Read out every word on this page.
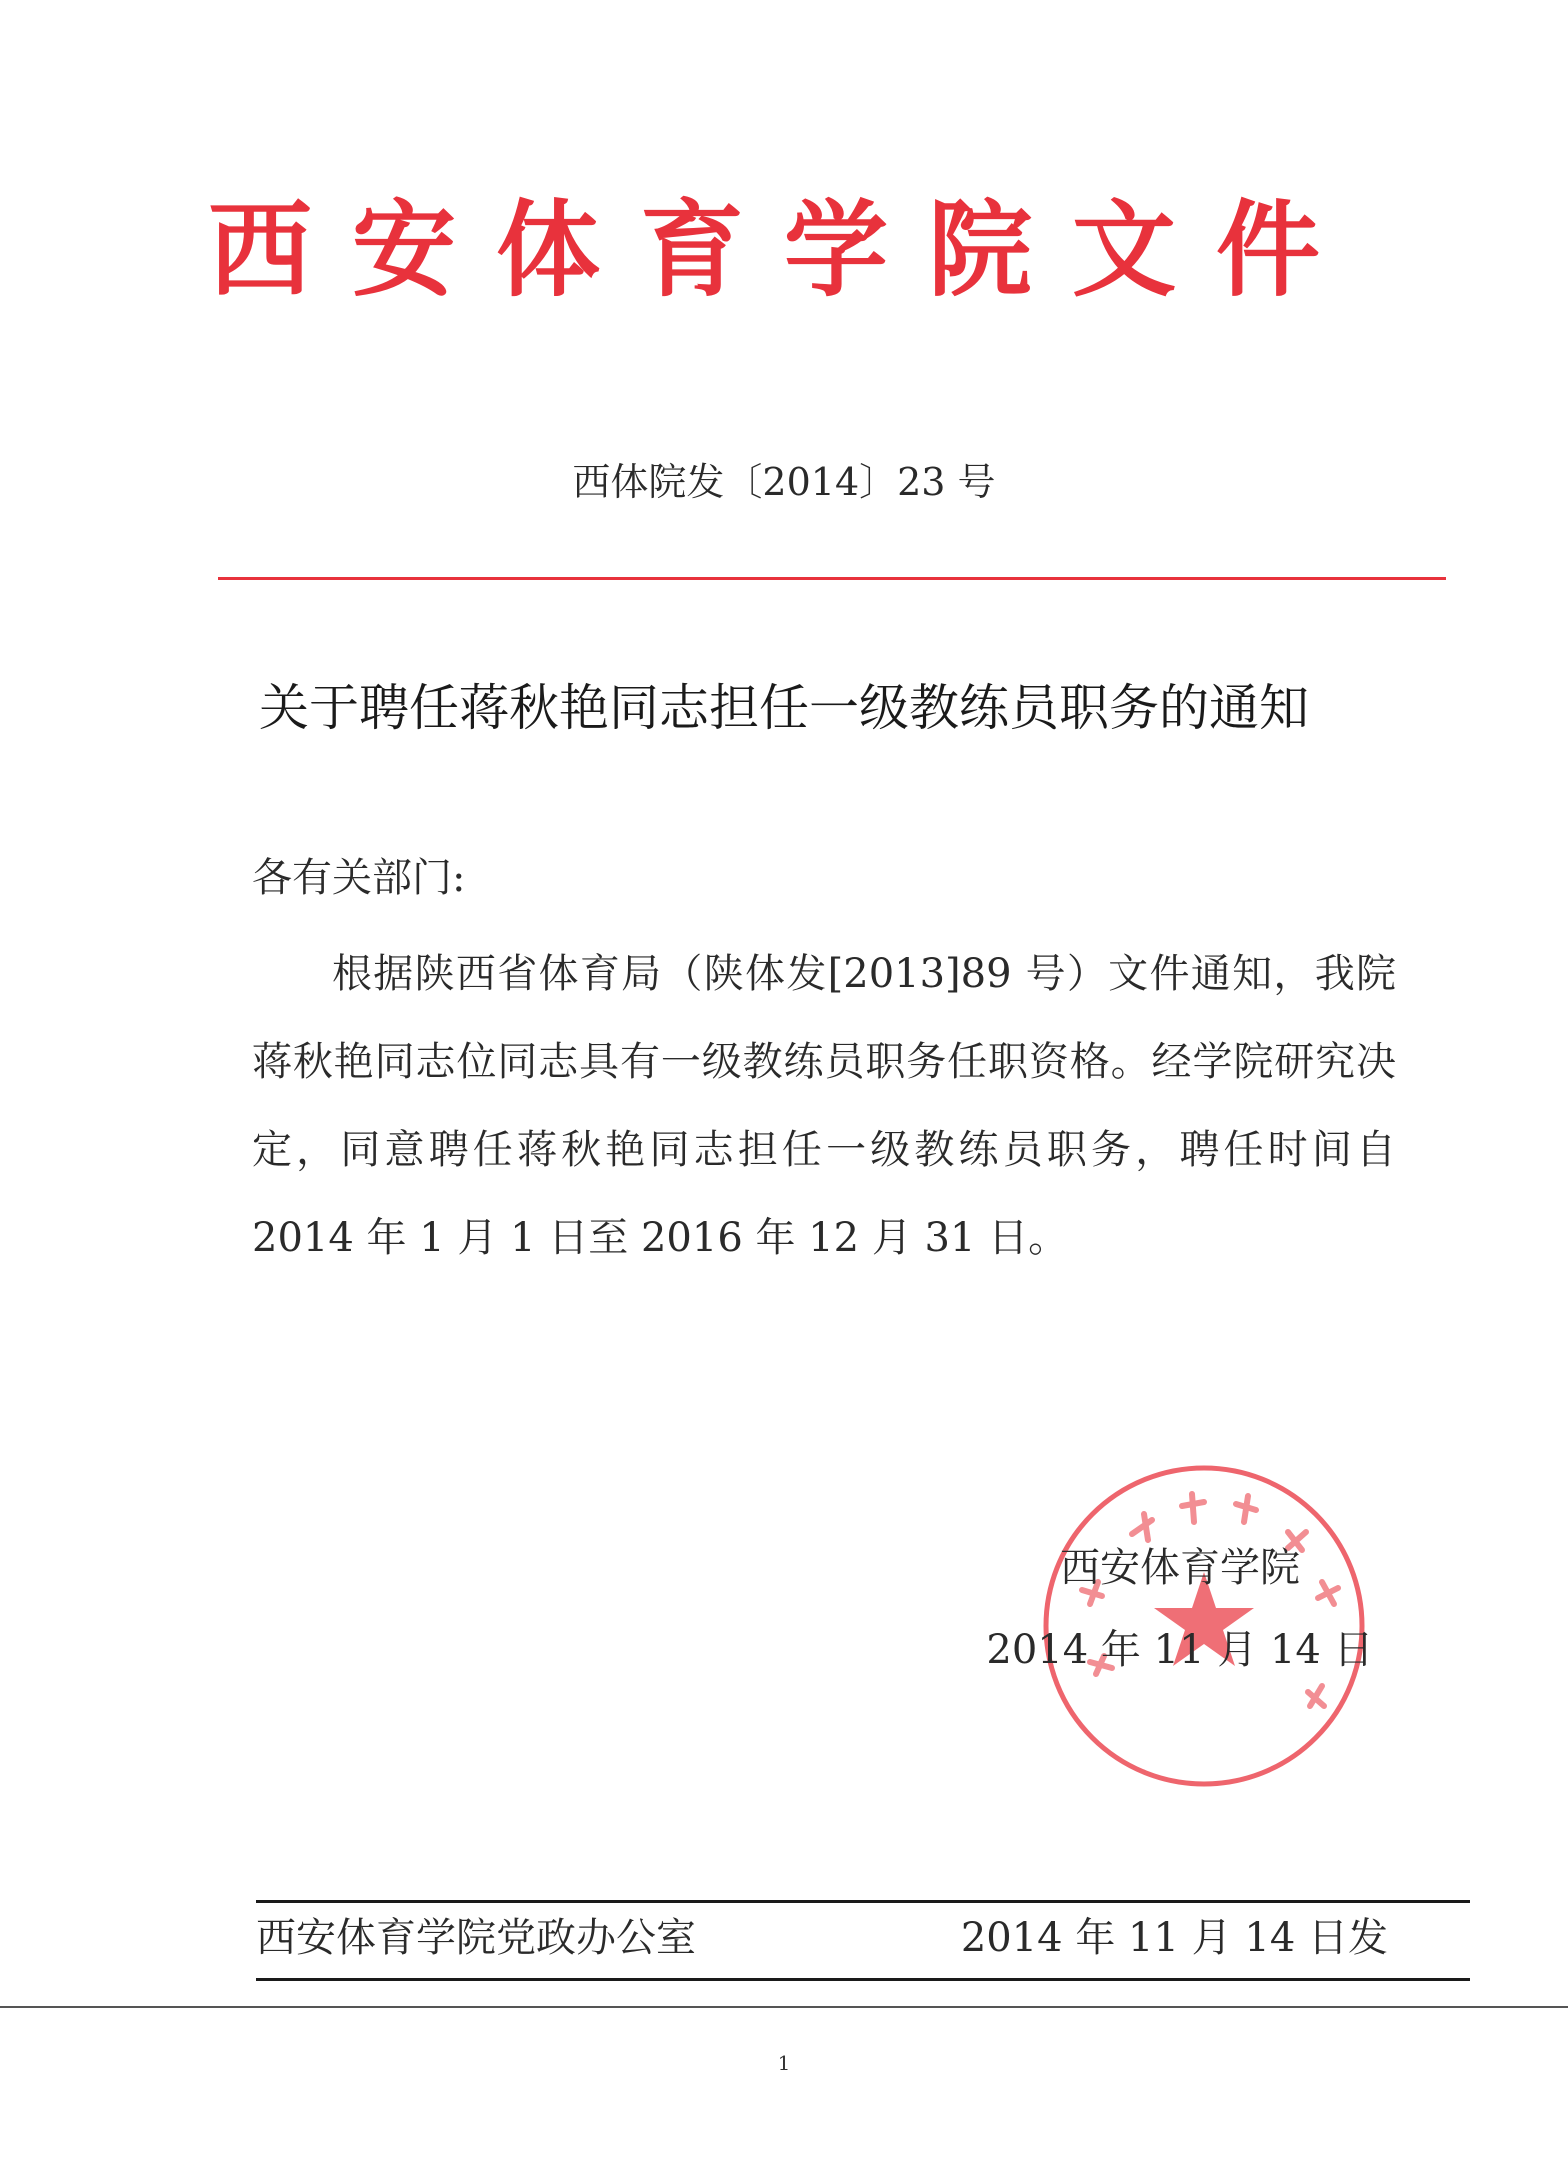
西安体育学院文件
西体院发〔2014〕23 号
关于聘任蒋秋艳同志担任一级教练员职务的通知
各有关部门:

根据陕西省体育局（陕体发[2013]89 号）文件通知，我院蒋秋艳同志位同志具有一级教练员职务任职资格。经学院研究决定，同意聘任蒋秋艳同志担任一级教练员职务，聘任时间自 2014 年 1 月 1 日至 2016 年 12 月 31 日。

西安体育学院
2014 年 11 月 14 日
西安体育学院党政办公室	2014 年 11 月 14 日发
1
